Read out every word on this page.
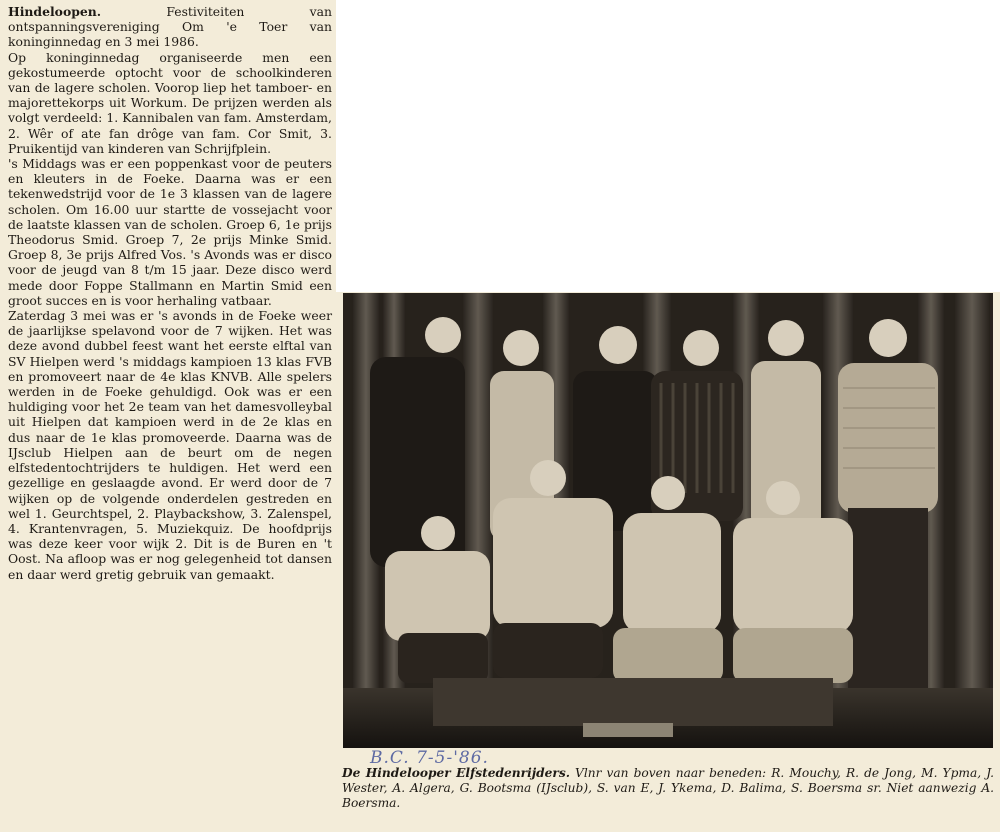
Hindeloopen.	Festiviteiten van ontspanningsvereniging Om 'e Toer van koninginnedag en 3 mei 1986.

Op koninginnedag organiseerde men een gekostumeerde optocht voor de schoolkinderen van de lagere scholen. Voorop liep het tamboer- en majorettekorps uit Workum. De prijzen werden als volgt verdeeld: 1. Kannibalen van fam. Amsterdam, 2. Wêr of ate fan drôge van fam. Cor Smit, 3. Pruikentijd van kinderen van Schrijfplein.

's Middags was er een poppenkast voor de peuters en kleuters in de Foeke. Daarna was er een tekenwedstrijd voor de 1e 3 klassen van de lagere scholen. Om 16.00 uur startte de vossejacht voor de laatste klassen van de scholen. Groep 6, 1e prijs Theodorus Smid. Groep 7, 2e prijs Minke Smid. Groep 8, 3e prijs Alfred Vos. 's Avonds was er disco voor de jeugd van 8 t/m 15 jaar. Deze disco werd mede door Foppe Stallmann en Martin Smid een groot succes en is voor herhaling vatbaar.

Zaterdag 3 mei was er 's avonds in de Foeke weer de jaarlijkse spelavond voor de 7 wijken. Het was deze avond dubbel feest want het eerste elftal van SV Hielpen werd 's middags kampioen 13 klas FVB en promoveert naar de 4e klas KNVB. Alle spelers werden in de Foeke gehuldigd. Ook was er een huldiging voor het 2e team van het damesvolleybal uit Hielpen dat kampioen werd in de 2e klas en dus naar de 1e klas promoveerde. Daarna was de IJsclub Hielpen aan de beurt om de negen elfstedentochtrijders te huldigen. Het werd een gezellige en geslaagde avond. Er werd door de 7 wijken op de volgende onderdelen gestreden en wel 1. Geurchtspel, 2. Playbackshow, 3. Zalenspel, 4. Krantenvragen, 5. Muziekquiz. De hoofdprijs was deze keer voor wijk 2. Dit is de Buren en 't Oost. Na afloop was er nog gelegenheid tot dansen en daar werd gretig gebruik van gemaakt.

B.C. 7-5-'86.
De Hindelooper Elfstedenrijders. Vlnr van boven naar beneden: R. Mouchy, R. de Jong, M. Ypma, J. Wester, A. Algera, G. Bootsma (IJsclub), S. van E, J. Ykema, D. Balima, S. Boersma sr. Niet aanwezig A. Boersma.
